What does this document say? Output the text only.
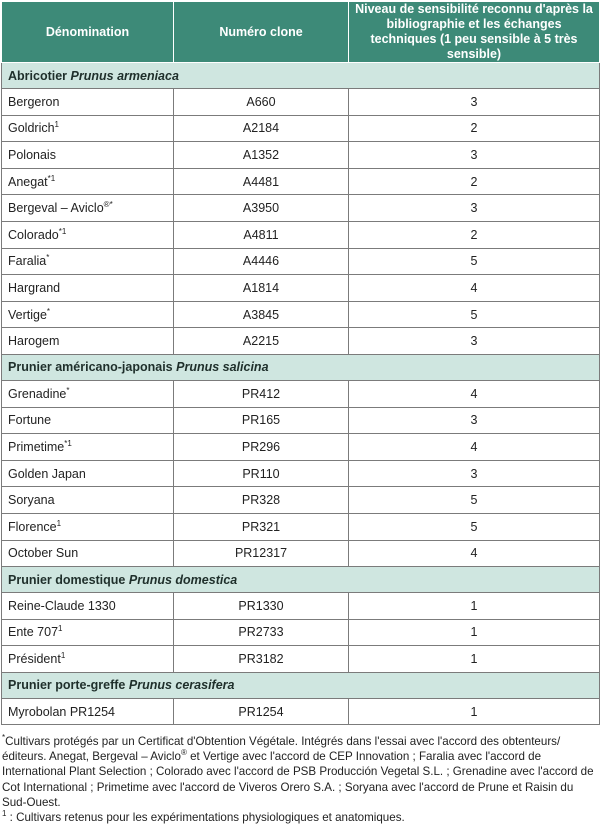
Dénomination	Numéro clone	Niveau de sensibilité reconnu d'après la bibliographie et les échanges techniques (1 peu sensible à 5 très sensible)
Abricotier Prunus armeniaca		
Bergeron	A660	3
Goldrich$^1$	A2184	2
Polonais	A1352	3
Anegat$^{*1}$	A4481	2
Bergeval – Aviclo®*	A3950	3
Colorado$^{*1}$	A4811	2
Faralia*	A4446	5
Hargrand	A1814	4
Vertige*	A3845	5
Harogem	A2215	3
Prunier américano-japonais Prunus salicina		
Grenadine*	PR412	4
Fortune	PR165	3
Primetime$^{*1}$	PR296	4
Golden Japan	PR110	3
Soryana	PR328	5
Florence$^1$	PR321	5
October Sun	PR12317	4
Prunier domestique Prunus domestica		
Reine-Claude 1330	PR1330	1
Ente $707^1$	PR2733	1
Président$^1$	PR3182	1
Prunier porte-greffe Prunus cerasifera		
Myrobolan PR1254	PR1254	1

*Cultivars protégés par un Certificat d'Obtention Végétale. Intégrés dans l'essai avec l'accord des obtenteurs/éditeurs. Anegat, Bergeval – Aviclo® et Vertige avec l'accord de CEP Innovation ; Faralia avec l'accord de International Plant Selection ; Colorado avec l'accord de PSB Producción Vegetal S.L. ; Grenadine avec l'accord de Cot International ; Primetime avec l'accord de Viveros Orero S.A. ; Soryana avec l'accord de Prune et Raisin du Sud-Ouest.

$^1$ : Cultivars retenus pour les expérimentations physiologiques et anatomiques.
